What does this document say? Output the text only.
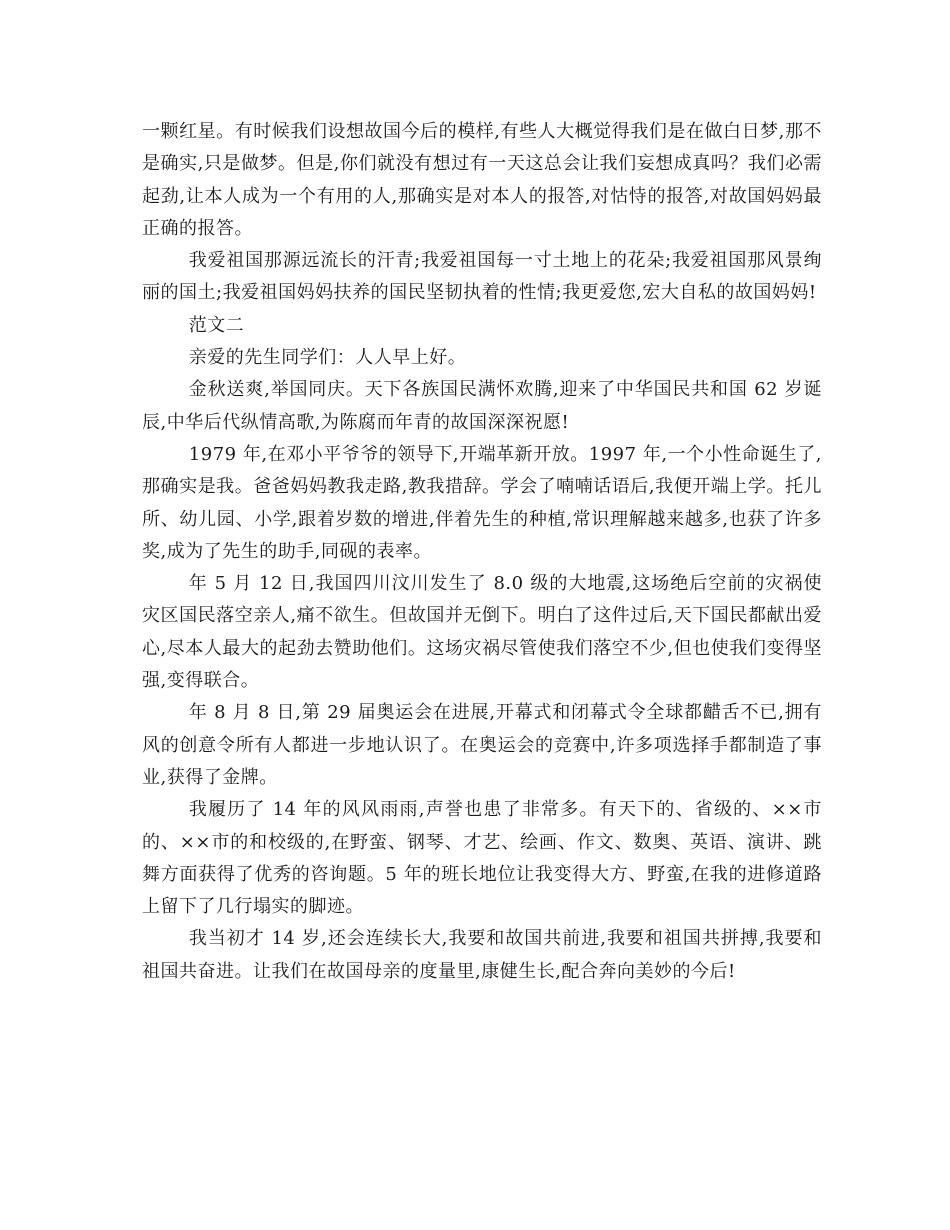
一颗红星。有时候我们设想故国今后的模样,有些人大概觉得我们是在做白日梦,那不是确实,只是做梦。但是,你们就没有想过有一天这总会让我们妄想成真吗？我们必需起劲,让本人成为一个有用的人,那确实是对本人的报答,对怙恃的报答,对故国妈妈最正确的报答。

我爱祖国那源远流长的汗青;我爱祖国每一寸土地上的花朵;我爱祖国那风景绚丽的国土;我爱祖国妈妈扶养的国民坚韧执着的性情;我更爱您,宏大自私的故国妈妈!

范文二

亲爱的先生同学们：人人早上好。

金秋送爽,举国同庆。天下各族国民满怀欢腾,迎来了中华国民共和国 62 岁诞辰,中华后代纵情高歌,为陈腐而年青的故国深深祝愿!

1979 年,在邓小平爷爷的领导下,开端革新开放。1997 年,一个小性命诞生了,那确实是我。爸爸妈妈教我走路,教我措辞。学会了喃喃话语后,我便开端上学。托儿所、幼儿园、小学,跟着岁数的增进,伴着先生的种植,常识理解越来越多,也获了许多奖,成为了先生的助手,同砚的表率。

年 5 月 12 日,我国四川汶川发生了 8.0 级的大地震,这场绝后空前的灾祸使灾区国民落空亲人,痛不欲生。但故国并无倒下。明白了这件过后,天下国民都献出爱心,尽本人最大的起劲去赞助他们。这场灾祸尽管使我们落空不少,但也使我们变得坚强,变得联合。

年 8 月 8 日,第 29 届奥运会在进展,开幕式和闭幕式令全球都齰舌不已,拥有风的创意令所有人都进一步地认识了。在奥运会的竞赛中,许多项选择手都制造了事业,获得了金牌。

我履历了 14 年的风风雨雨,声誉也患了非常多。有天下的、省级的、××市的、××市的和校级的,在野蛮、钢琴、才艺、绘画、作文、数奥、英语、演讲、跳舞方面获得了优秀的咨询题。5 年的班长地位让我变得大方、野蛮,在我的进修道路上留下了几行塌实的脚迹。

我当初才 14 岁,还会连续长大,我要和故国共前进,我要和祖国共拼搏,我要和祖国共奋进。让我们在故国母亲的度量里,康健生长,配合奔向美妙的今后!
